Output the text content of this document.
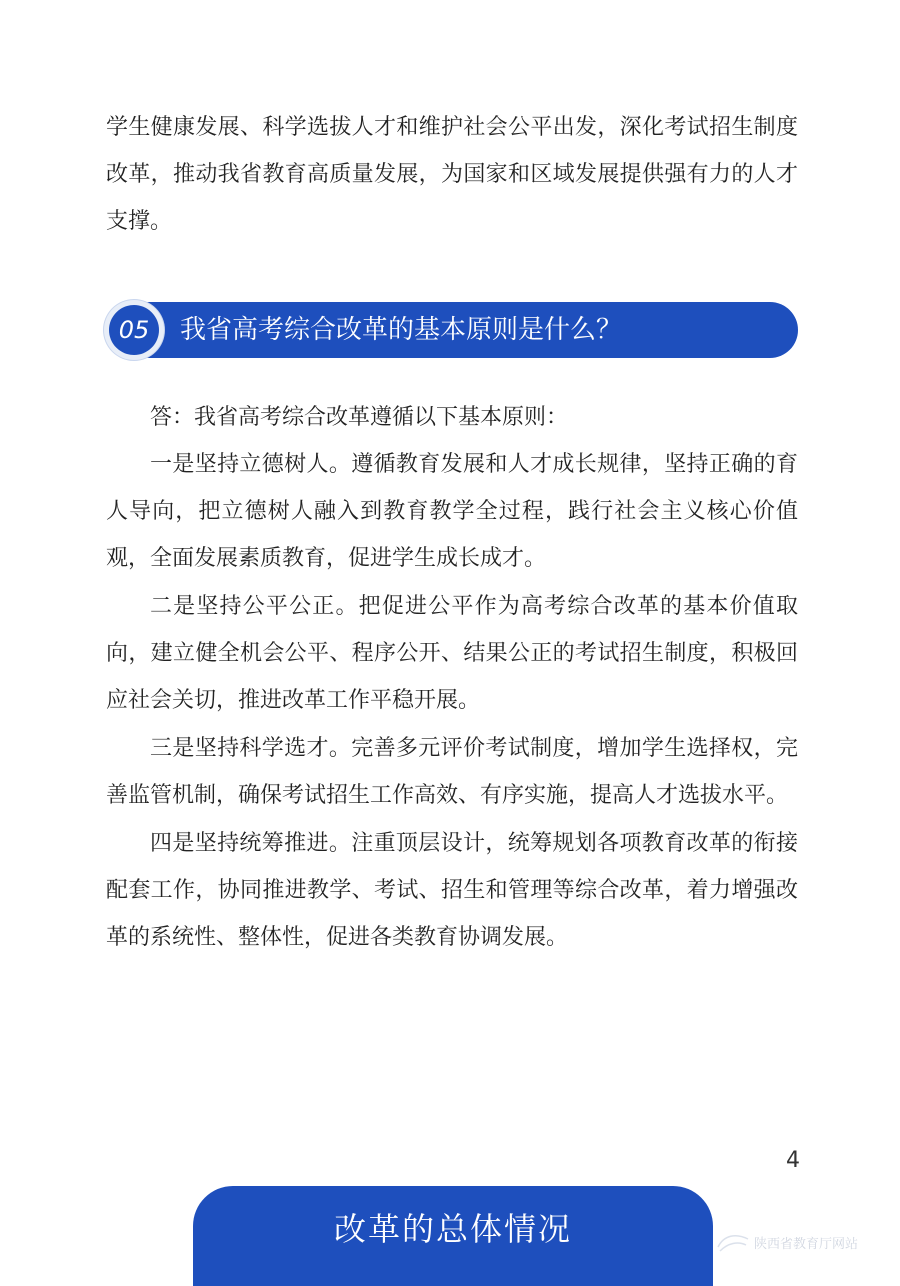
学生健康发展、科学选拔人才和维护社会公平出发，深化考试招生制度改革，推动我省教育高质量发展，为国家和区域发展提供强有力的人才支撑。

我省高考综合改革的基本原则是什么？
05

答：我省高考综合改革遵循以下基本原则：

一是坚持立德树人。遵循教育发展和人才成长规律，坚持正确的育人导向，把立德树人融入到教育教学全过程，践行社会主义核心价值观，全面发展素质教育，促进学生成长成才。

二是坚持公平公正。把促进公平作为高考综合改革的基本价值取向，建立健全机会公平、程序公开、结果公正的考试招生制度，积极回应社会关切，推进改革工作平稳开展。

三是坚持科学选才。完善多元评价考试制度，增加学生选择权，完善监管机制，确保考试招生工作高效、有序实施，提高人才选拔水平。

四是坚持统筹推进。注重顶层设计，统筹规划各项教育改革的衔接配套工作，协同推进教学、考试、招生和管理等综合改革，着力增强改革的系统性、整体性，促进各类教育协调发展。

4
改革的总体情况	陕西省教育厅网站
